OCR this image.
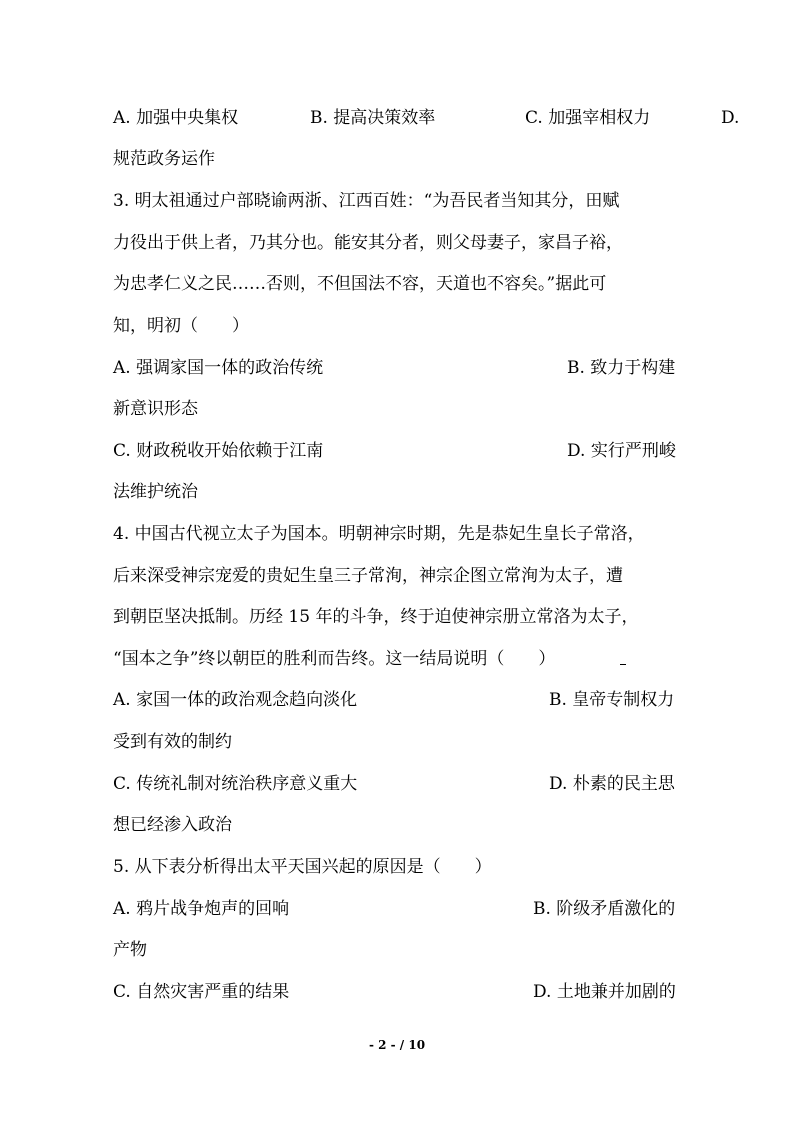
A. 加强中央集权	B. 提高决策效率	C. 加强宰相权力	D.
规范政务运作
3. 明太祖通过户部晓谕两浙、江西百姓：“为吾民者当知其分，田赋
力役出于供上者，乃其分也。能安其分者，则父母妻子，家昌子裕，
为忠孝仁义之民……否则，不但国法不容，天道也不容矣。”据此可
知，明初（　　）
A. 强调家国一体的政治传统	B. 致力于构建
新意识形态
C. 财政税收开始依赖于江南	D. 实行严刑峻
法维护统治
4. 中国古代视立太子为国本。明朝神宗时期，先是恭妃生皇长子常洛，
后来深受神宗宠爱的贵妃生皇三子常洵，神宗企图立常洵为太子，遭
到朝臣坚决抵制。历经 15 年的斗争，终于迫使神宗册立常洛为太子，
“国本之争”终以朝臣的胜利而告终。这一结局说明（　　）
A. 家国一体的政治观念趋向淡化	B. 皇帝专制权力
受到有效的制约
C. 传统礼制对统治秩序意义重大	D. 朴素的民主思
想已经渗入政治
5. 从下表分析得出太平天国兴起的原因是（　　）
A. 鸦片战争炮声的回响	B. 阶级矛盾激化的
产物
C. 自然灾害严重的结果	D. 土地兼并加剧的
- 2 - / 10
